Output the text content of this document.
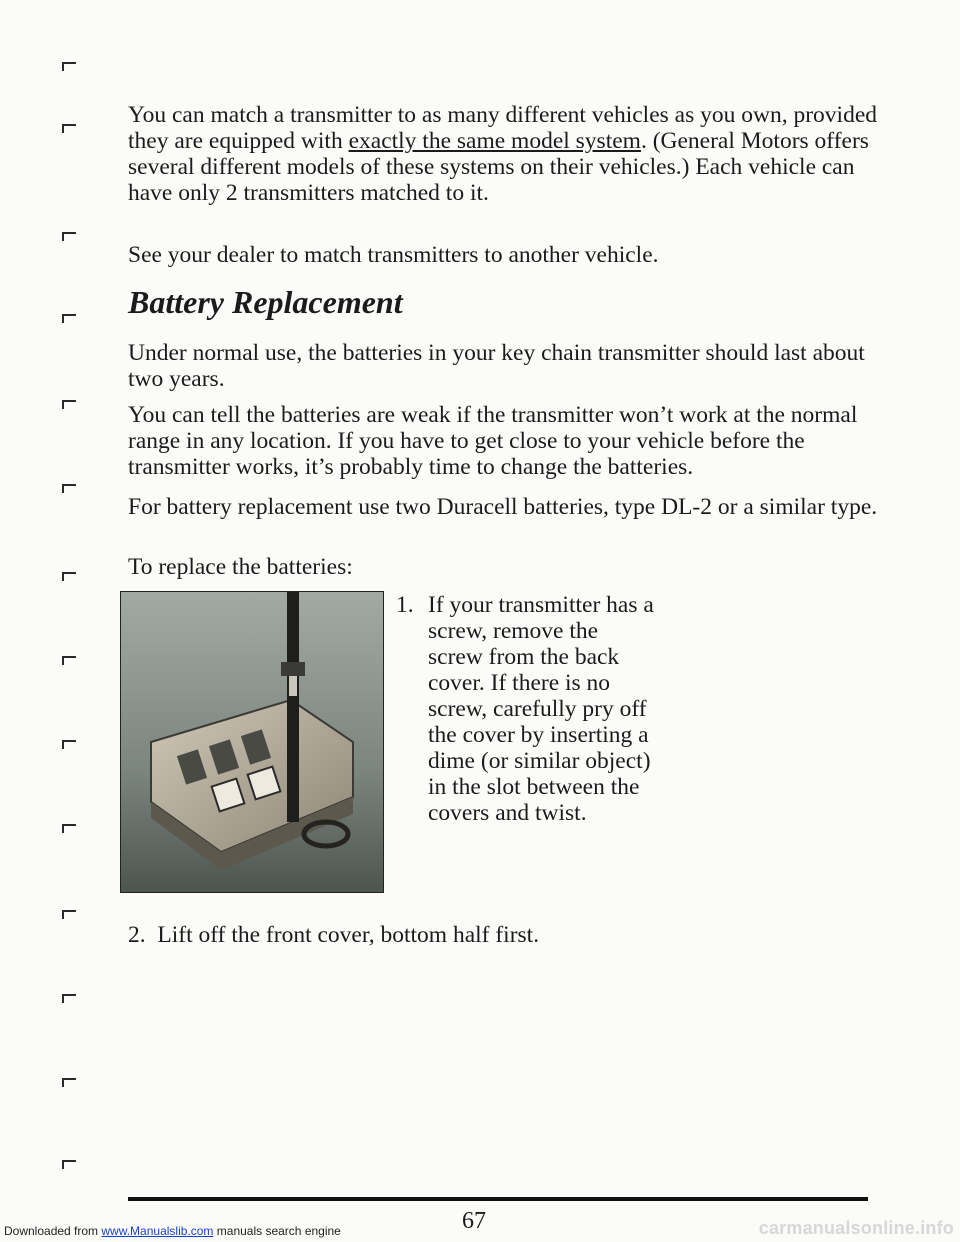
You can match a transmitter to as many different vehicles as you own, provided they are equipped with exactly the same model system. (General Motors offers several different models of these systems on their vehicles.) Each vehicle can have only 2 transmitters matched to it.

See your dealer to match transmitters to another vehicle.

Battery Replacement

Under normal use, the batteries in your key chain transmitter should last about two years.

You can tell the batteries are weak if the transmitter won’t work at the normal range in any location. If you have to get close to your vehicle before the transmitter works, it’s probably time to change the batteries.

For battery replacement use two Duracell batteries, type DL-2 or a similar type.

To replace the batteries:

1. If your transmitter has a screw, remove the screw from the back cover. If there is no screw, carefully pry off the cover by inserting a dime (or similar object) in the slot between the covers and twist.

2. Lift off the front cover, bottom half first.

67
Downloaded from www.Manualslib.com manuals search engine	carmanualsonline.info
